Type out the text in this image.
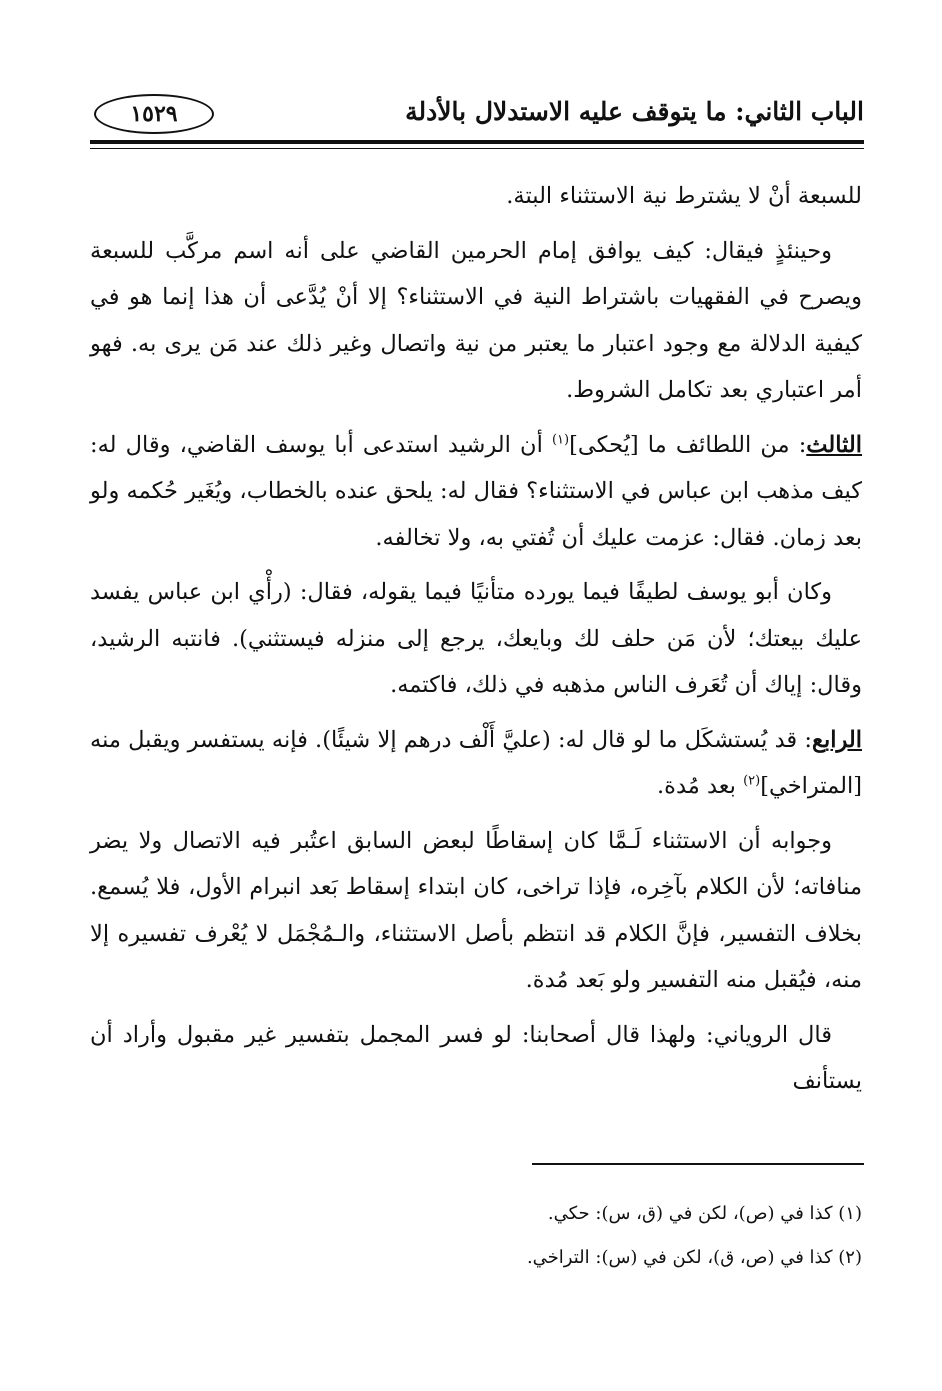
الباب الثاني: ما يتوقف عليه الاستدلال بالأدلة
١٥٢٩

للسبعة أنْ لا يشترط نية الاستثناء البتة.

وحينئذٍ فيقال: كيف يوافق إمام الحرمين القاضي على أنه اسم مركَّب للسبعة ويصرح في الفقهيات باشتراط النية في الاستثناء؟ إلا أنْ يُدَّعى أن هذا إنما هو في كيفية الدلالة مع وجود اعتبار ما يعتبر من نية واتصال وغير ذلك عند مَن يرى به. فهو أمر اعتباري بعد تكامل الشروط.

الثالث: من اللطائف ما [يُحكى]$^{(١)}$ أن الرشيد استدعى أبا يوسف القاضي، وقال له: كيف مذهب ابن عباس في الاستثناء؟ فقال له: يلحق عنده بالخطاب، ويُغَير حُكمه ولو بعد زمان. فقال: عزمت عليك أن تُفتي به، ولا تخالفه.

وكان أبو يوسف لطيفًا فيما يورده متأنيًا فيما يقوله، فقال: (رأْي ابن عباس يفسد عليك بيعتك؛ لأن مَن حلف لك وبايعك، يرجع إلى منزله فيستثني). فانتبه الرشيد، وقال: إياك أن تُعَرف الناس مذهبه في ذلك، فاكتمه.

الرابع: قد يُستشكَل ما لو قال له: (عليَّ أَلْف درهم إلا شيئًا). فإنه يستفسر ويقبل منه [المتراخي]$^{(٢)}$ بعد مُدة.

وجوابه أن الاستثناء لَـمَّا كان إسقاطًا لبعض السابق اعتُبر فيه الاتصال ولا يضر منافاته؛ لأن الكلام بآخِره، فإذا تراخى، كان ابتداء إسقاط بَعد انبرام الأول، فلا يُسمع. بخلاف التفسير، فإنَّ الكلام قد انتظم بأصل الاستثناء، والـمُجْمَل لا يُعْرف تفسيره إلا منه، فيُقبل منه التفسير ولو بَعد مُدة.

قال الروياني: ولهذا قال أصحابنا: لو فسر المجمل بتفسير غير مقبول وأراد أن يستأنف

(١) كذا في (ص)، لكن في (ق، س): حكي.

(٢) كذا في (ص، ق)، لكن في (س): التراخي.
